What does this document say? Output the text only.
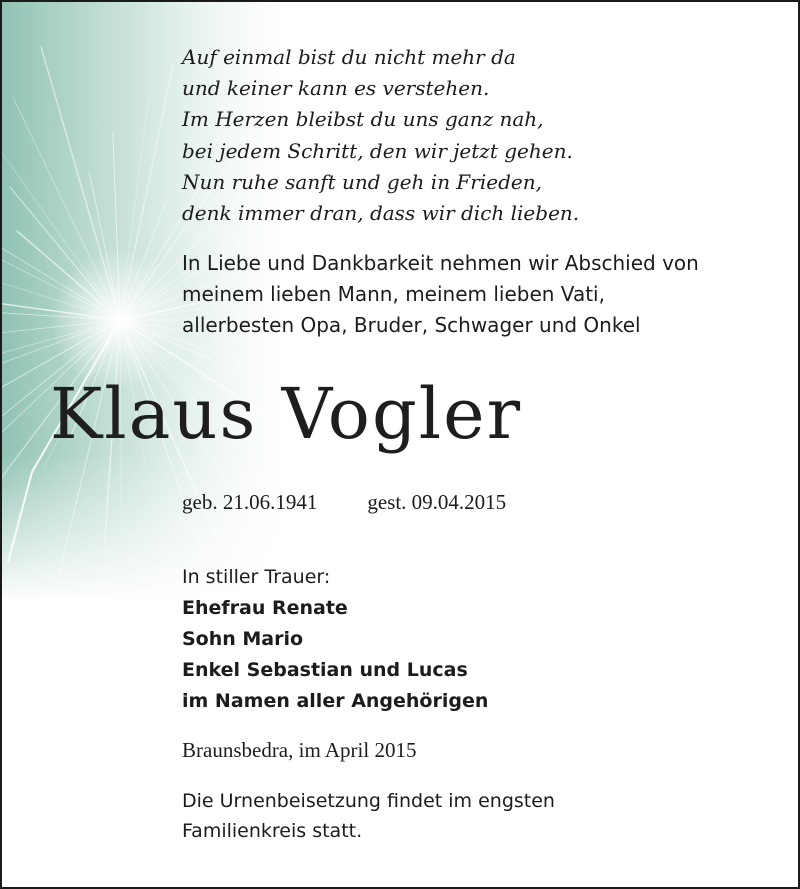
Auf einmal bist du nicht mehr da
und keiner kann es verstehen.
Im Herzen bleibst du uns ganz nah,
bei jedem Schritt, den wir jetzt gehen.
Nun ruhe sanft und geh in Frieden,
denk immer dran, dass wir dich lieben.
In Liebe und Dankbarkeit nehmen wir Abschied von
meinem lieben Mann, meinem lieben Vati,
allerbesten Opa, Bruder, Schwager und Onkel
Klaus Vogler
geb. 21.06.1941 gest. 09.04.2015
In stiller Trauer:
Ehefrau Renate
Sohn Mario
Enkel Sebastian und Lucas
im Namen aller Angehörigen
Braunsbedra, im April 2015
Die Urnenbeisetzung findet im engsten
Familienkreis statt.
